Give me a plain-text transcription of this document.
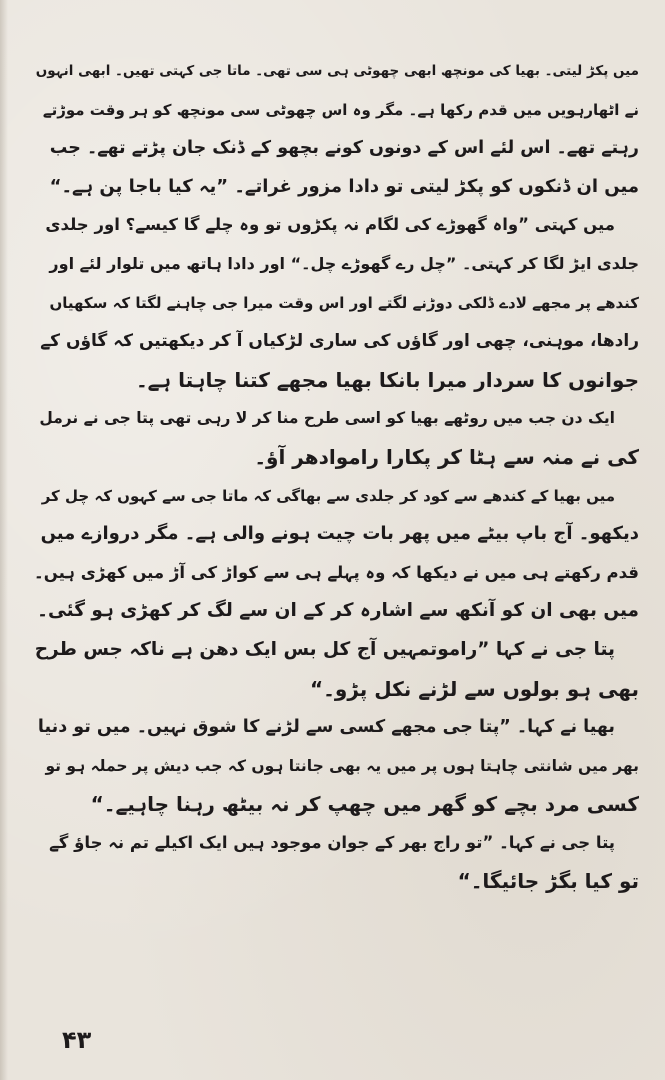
میں پکڑ لیتی۔ بھیا کی مونچھ ابھی چھوٹی ہی سی تھی۔ ماتا جی کہتی تھیں۔ ابھی انہوں
نے اٹھارہویں میں قدم رکھا ہے۔ مگر وہ اس چھوٹی سی مونچھ کو ہر وقت موڑتے
رہتے تھے۔ اس لئے اس کے دونوں کونے بچھو کے ڈنک جان پڑتے تھے۔ جب
میں ان ڈنکوں کو پکڑ لیتی تو دادا مزور غراتے۔ ”یہ کیا باجا پن ہے۔“
میں کہتی ”واہ گھوڑے کی لگام نہ پکڑوں تو وہ چلے گا کیسے؟ اور جلدی
جلدی ایڑ لگا کر کہتی۔ ”چل رے گھوڑے چل۔“ اور دادا ہاتھ میں تلوار لئے اور
کندھے پر مجھے لادے ڈلکی دوڑنے لگتے اور اس وقت میرا جی چاہنے لگتا کہ سکھیاں
رادھا، موہنی، چھی اور گاؤں کی ساری لڑکیاں آ کر دیکھتیں کہ گاؤں کے
جوانوں کا سردار میرا بانکا بھیا مجھے کتنا چاہتا ہے۔
ایک دن جب میں روٹھے بھیا کو اسی طرح منا کر لا رہی تھی پتا جی نے نرمل
کی نے منہ سے ہٹا کر پکارا راموادھر آؤ۔
میں بھیا کے کندھے سے کود کر جلدی سے بھاگی کہ ماتا جی سے کہوں کہ چل کر
دیکھو۔ آج باپ بیٹے میں پھر بات چیت ہونے والی ہے۔ مگر دروازے میں
قدم رکھتے ہی میں نے دیکھا کہ وہ پہلے ہی سے کواڑ کی آڑ میں کھڑی ہیں۔
میں بھی ان کو آنکھ سے اشارہ کر کے ان سے لگ کر کھڑی ہو گئی۔
پتا جی نے کہا ”راموتمہیں آج کل بس ایک دھن ہے ناکہ جس طرح
بھی ہو بولوں سے لڑنے نکل پڑو۔“
بھیا نے کہا۔ ”پتا جی مجھے کسی سے لڑنے کا شوق نہیں۔ میں تو دنیا
بھر میں شانتی چاہتا ہوں پر میں یہ بھی جانتا ہوں کہ جب دیش پر حملہ ہو تو
کسی مرد بچے کو گھر میں چھپ کر نہ بیٹھ رہنا چاہیے۔“
پتا جی نے کہا۔ ”تو راج بھر کے جوان موجود ہیں ایک اکیلے تم نہ جاؤ گے
تو کیا بگڑ جائیگا۔“
۴۳
